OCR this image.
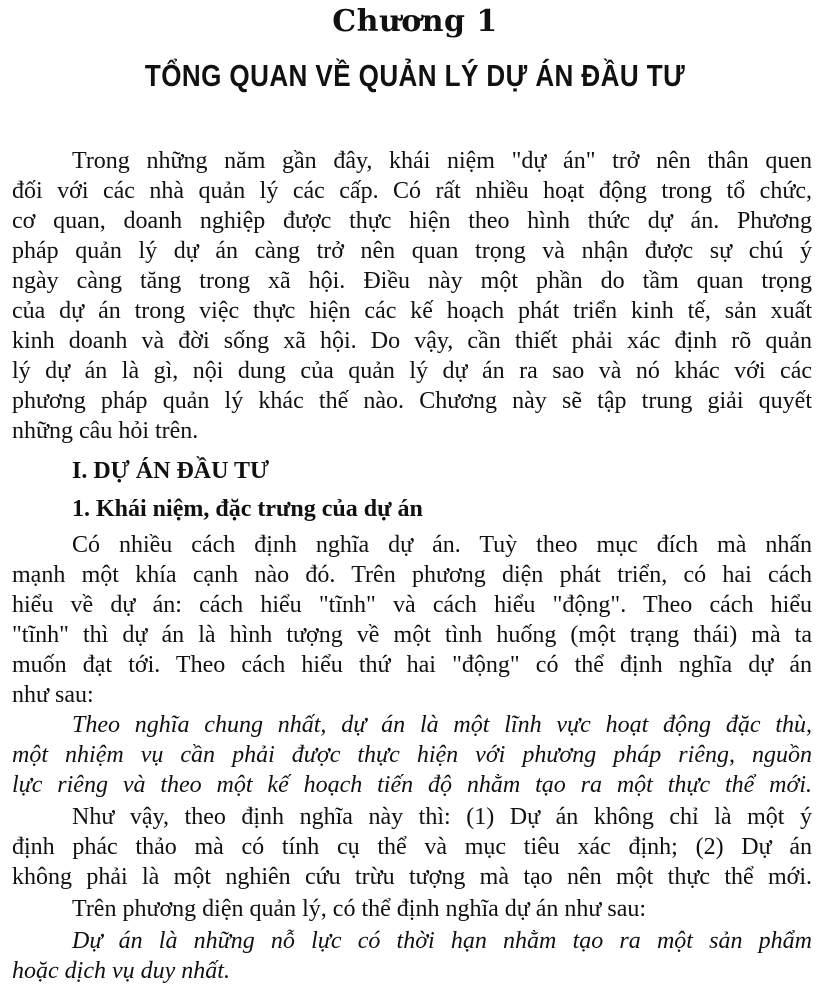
Chương 1
TỔNG QUAN VỀ QUẢN LÝ DỰ ÁN ĐẦU TƯ
Trong những năm gần đây, khái niệm "dự án" trở nên thân quen
đối với các nhà quản lý các cấp. Có rất nhiều hoạt động trong tổ chức,
cơ quan, doanh nghiệp được thực hiện theo hình thức dự án. Phương
pháp quản lý dự án càng trở nên quan trọng và nhận được sự chú ý
ngày càng tăng trong xã hội. Điều này một phần do tầm quan trọng
của dự án trong việc thực hiện các kế hoạch phát triển kinh tế, sản xuất
kinh doanh và đời sống xã hội. Do vậy, cần thiết phải xác định rõ quản
lý dự án là gì, nội dung của quản lý dự án ra sao và nó khác với các
phương pháp quản lý khác thế nào. Chương này sẽ tập trung giải quyết
những câu hỏi trên.
I. DỰ ÁN ĐẦU TƯ
1. Khái niệm, đặc trưng của dự án
Có nhiều cách định nghĩa dự án. Tuỳ theo mục đích mà nhấn
mạnh một khía cạnh nào đó. Trên phương diện phát triển, có hai cách
hiểu về dự án: cách hiểu "tĩnh" và cách hiểu "động". Theo cách hiểu
"tĩnh" thì dự án là hình tượng về một tình huống (một trạng thái) mà ta
muốn đạt tới. Theo cách hiểu thứ hai "động" có thể định nghĩa dự án
như sau:
Theo nghĩa chung nhất, dự án là một lĩnh vực hoạt động đặc thù,
một nhiệm vụ cần phải được thực hiện với phương pháp riêng, nguồn
lực riêng và theo một kế hoạch tiến độ nhằm tạo ra một thực thể mới.
Như vậy, theo định nghĩa này thì: (1) Dự án không chỉ là một ý
định phác thảo mà có tính cụ thể và mục tiêu xác định; (2) Dự án
không phải là một nghiên cứu trừu tượng mà tạo nên một thực thể mới.
Trên phương diện quản lý, có thể định nghĩa dự án như sau:
Dự án là những nỗ lực có thời hạn nhằm tạo ra một sản phẩm
hoặc dịch vụ duy nhất.
